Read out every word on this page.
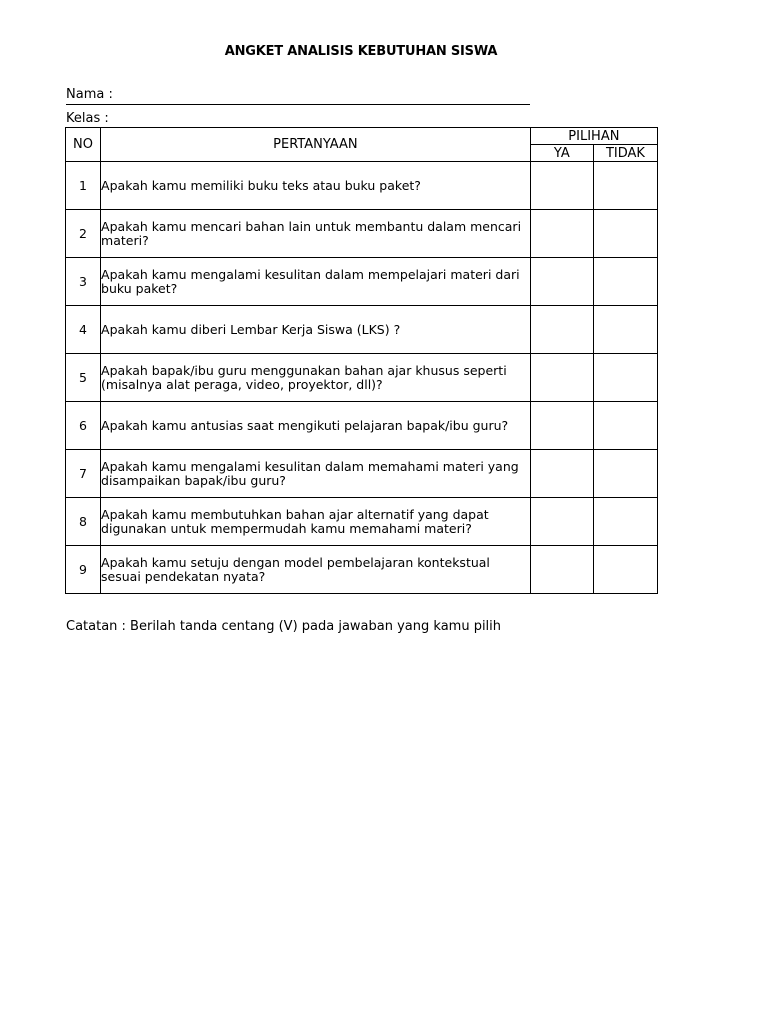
ANGKET ANALISIS KEBUTUHAN SISWA
Nama :
Kelas :
NO	PERTANYAAN	PILIHAN	
		YA	TIDAK
1	Apakah kamu memiliki buku teks atau buku paket?		
2	Apakah kamu mencari bahan lain untuk membantu dalam mencari materi?		
3	Apakah kamu mengalami kesulitan dalam mempelajari materi dari buku paket?		
4	Apakah kamu diberi Lembar Kerja Siswa (LKS) ?		
5	Apakah bapak/ibu guru menggunakan bahan ajar khusus seperti (misalnya alat peraga, video, proyektor, dll)?		
6	Apakah kamu antusias saat mengikuti pelajaran bapak/ibu guru?		
7	Apakah kamu mengalami kesulitan dalam memahami materi yang disampaikan bapak/ibu guru?		
8	Apakah kamu membutuhkan bahan ajar alternatif yang dapat digunakan untuk mempermudah kamu memahami materi?		
9	Apakah kamu setuju dengan model pembelajaran kontekstual sesuai pendekatan nyata?		
Catatan : Berilah tanda centang (V) pada jawaban yang kamu pilih
